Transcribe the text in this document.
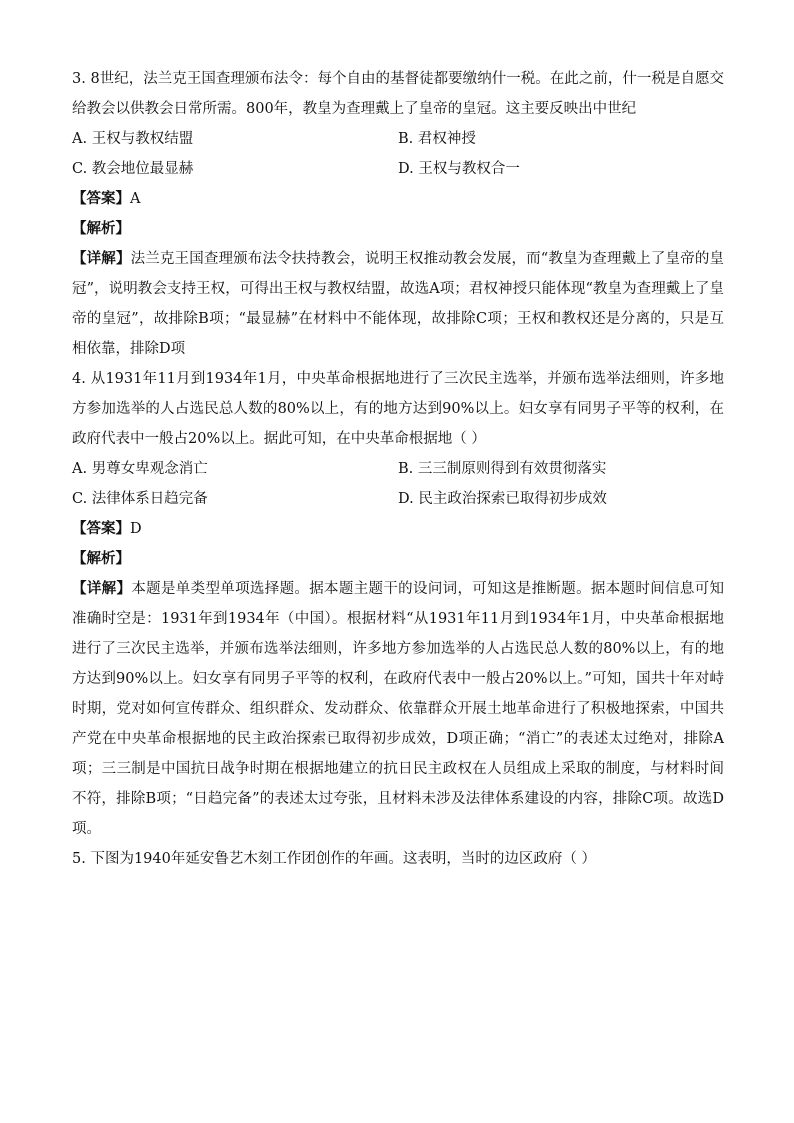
3. 8世纪，法兰克王国查理颁布法令：每个自由的基督徒都要缴纳什一税。在此之前，什一税是自愿交给教会以供教会日常所需。800年，教皇为查理戴上了皇帝的皇冠。这主要反映出中世纪

A. 王权与教权结盟	B. 君权神授
C. 教会地位最显赫	D. 王权与教权合一

【答案】A

【解析】

【详解】法兰克王国查理颁布法令扶持教会，说明王权推动教会发展，而“教皇为查理戴上了皇帝的皇冠”，说明教会支持王权，可得出王权与教权结盟，故选A项；君权神授只能体现“教皇为查理戴上了皇帝的皇冠”，故排除B项；“最显赫”在材料中不能体现，故排除C项；王权和教权还是分离的，只是互相依靠，排除D项

4. 从1931年11月到1934年1月，中央革命根据地进行了三次民主选举，并颁布选举法细则，许多地方参加选举的人占选民总人数的80%以上，有的地方达到90%以上。妇女享有同男子平等的权利，在政府代表中一般占20%以上。据此可知，在中央革命根据地（ ）

A. 男尊女卑观念消亡	B. 三三制原则得到有效贯彻落实
C. 法律体系日趋完备	D. 民主政治探索已取得初步成效

【答案】D

【解析】

【详解】本题是单类型单项选择题。据本题主题干的设问词，可知这是推断题。据本题时间信息可知准确时空是：1931年到1934年（中国）。根据材料“从1931年11月到1934年1月，中央革命根据地进行了三次民主选举，并颁布选举法细则，许多地方参加选举的人占选民总人数的80%以上，有的地方达到90%以上。妇女享有同男子平等的权利，在政府代表中一般占20%以上。”可知，国共十年对峙时期，党对如何宣传群众、组织群众、发动群众、依靠群众开展土地革命进行了积极地探索，中国共产党在中央革命根据地的民主政治探索已取得初步成效，D项正确；“消亡”的表述太过绝对，排除A项；三三制是中国抗日战争时期在根据地建立的抗日民主政权在人员组成上采取的制度，与材料时间不符，排除B项；“日趋完备”的表述太过夸张，且材料未涉及法律体系建设的内容，排除C项。故选D项。

5. 下图为1940年延安鲁艺木刻工作团创作的年画。这表明，当时的边区政府（ ）
